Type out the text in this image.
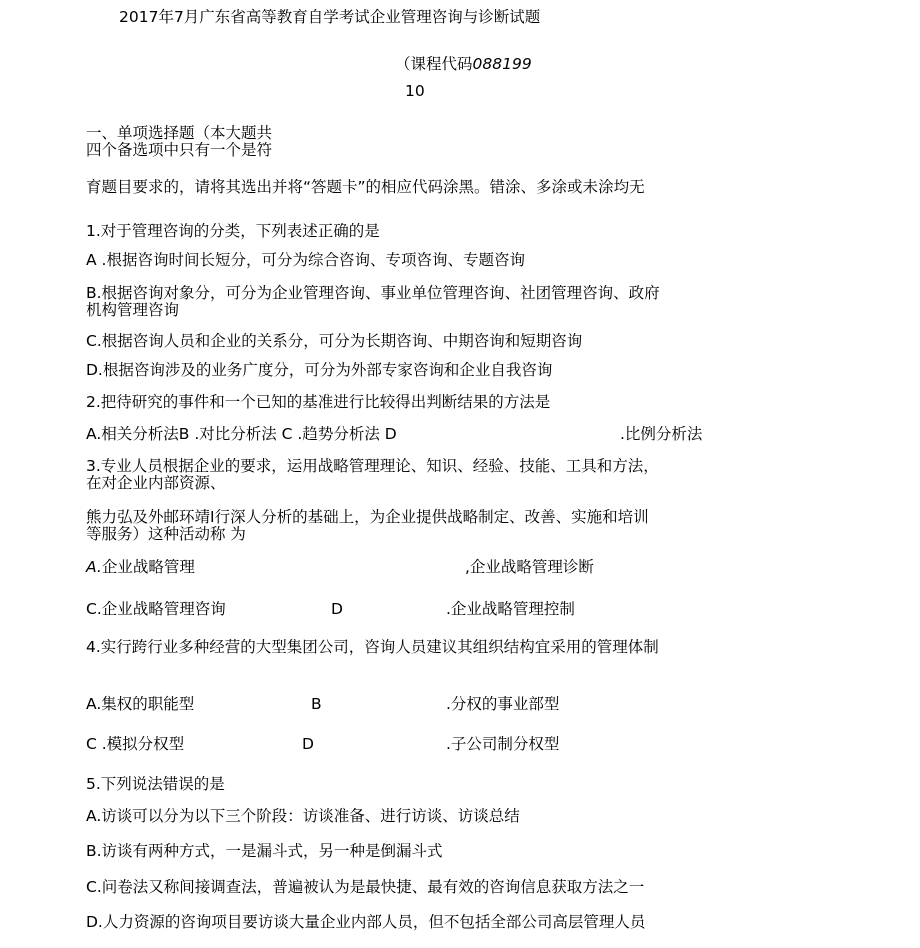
2017年7月广东省高等教育自学考试企业管理咨询与诊断试题
（课程代码088199
10
一、单项选择题（本大题共
四个备选项中只有一个是符
育题目要求的，请将其选出并将“答题卡”的相应代码涂黑。错涂、多涂或未涂均无
1.对于管理咨询的分类，下列表述正确的是
A .根据咨询时间长短分，可分为综合咨询、专项咨询、专题咨询
B.根据咨询对象分，可分为企业管理咨询、事业单位管理咨询、社团管理咨询、政府
机构管理咨询
C.根据咨询人员和企业的关系分，可分为长期咨询、中期咨询和短期咨询
D.根据咨询涉及的业务广度分，可分为外部专家咨询和企业自我咨询
2.把待研究的事件和一个已知的基准进行比较得出判断结果的方法是
A.相关分析法B .对比分析法 C .趋势分析法 D	.比例分析法
3.专业人员根据企业的要求，运用战略管理理论、知识、经验、技能、工具和方法，
在对企业内部资源、
熊力弘及外邮环靖I行深人分析的基础上，为企业提供战略制定、改善、实施和培训
等服务）这种活动称 为
A.企业战略管理	,企业战略管理诊断
C.企业战略管理咨询	D	.企业战略管理控制
4.实行跨行业多种经营的大型集团公司，咨询人员建议其组织结构宜采用的管理体制
A.集权的职能型	B	.分权的事业部型
C .模拟分权型	D	.子公司制分权型
5.下列说法错误的是
A.访谈可以分为以下三个阶段：访谈准备、进行访谈、访谈总结
B.访谈有两种方式，一是漏斗式，另一种是倒漏斗式
C.问卷法又称间接调查法，普遍被认为是最快捷、最有效的咨询信息获取方法之一
D.人力资源的咨询项目要访谈大量企业内部人员，但不包括全部公司高层管理人员
